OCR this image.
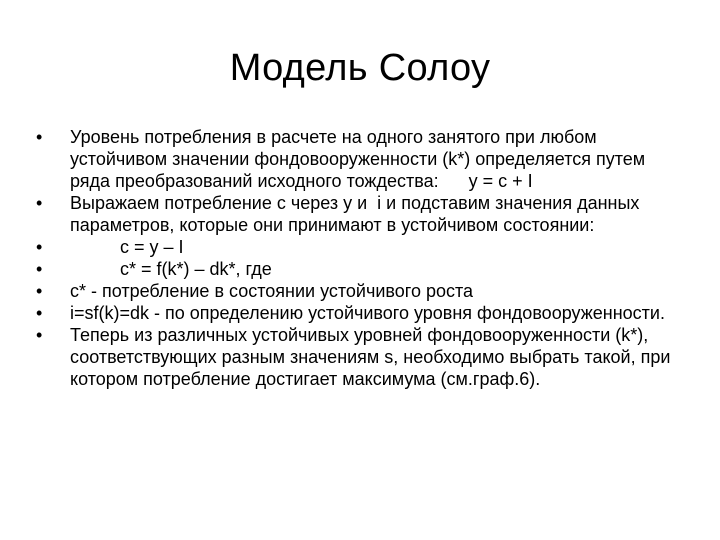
Модель Солоу
•	Уровень потребления в расчете на одного занятого при любом устойчивом значении фондовооруженности (k*) определяется путем ряда преобразований исходного тождества:      у = с + I
•	Выражаем потребление с через у и  i и подставим значения данных параметров, которые они принимают в устойчивом состоянии:
•	с = у – I
•	с* = f(k*) – dk*, где
•	с* - потребление в состоянии устойчивого роста
•	i=sf(k)=dk - по определению устойчивого уровня фондовооруженности.
•	Теперь из различных устойчивых уровней фондовооруженности (k*), соответствующих разным значениям s, необходимо выбрать такой, при котором потребление достигает максимума (см.граф.6).
